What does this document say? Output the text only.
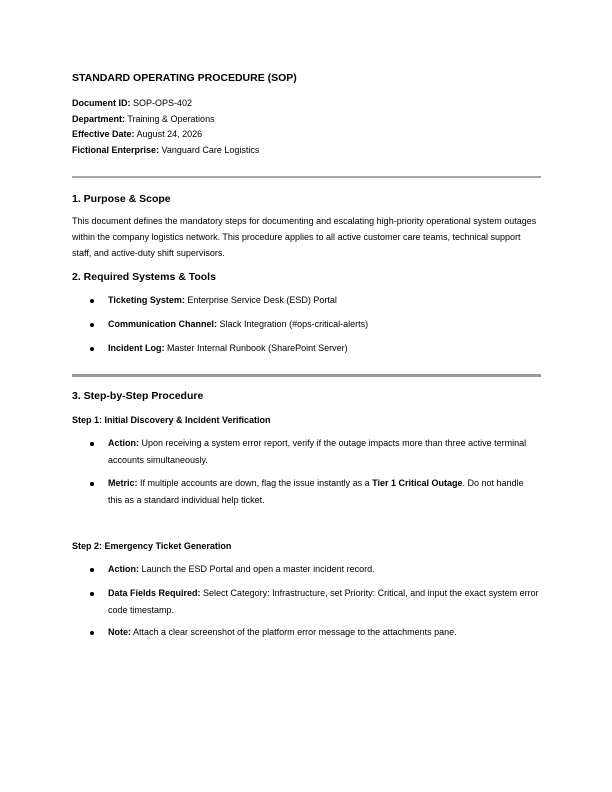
STANDARD OPERATING PROCEDURE (SOP)
Document ID: SOP-OPS-402
Department: Training & Operations
Effective Date: August 24, 2026
Fictional Enterprise: Vanguard Care Logistics
1. Purpose & Scope
This document defines the mandatory steps for documenting and escalating high-priority operational system outages within the company logistics network. This procedure applies to all active customer care teams, technical support staff, and active-duty shift supervisors.
2. Required Systems & Tools
Ticketing System: Enterprise Service Desk (ESD) Portal
Communication Channel: Slack Integration (#ops-critical-alerts)
Incident Log: Master Internal Runbook (SharePoint Server)
3. Step-by-Step Procedure
Step 1: Initial Discovery & Incident Verification
Action: Upon receiving a system error report, verify if the outage impacts more than three active terminal accounts simultaneously.
Metric: If multiple accounts are down, flag the issue instantly as a Tier 1 Critical Outage. Do not handle this as a standard individual help ticket.
Step 2: Emergency Ticket Generation
Action: Launch the ESD Portal and open a master incident record.
Data Fields Required: Select Category: Infrastructure, set Priority: Critical, and input the exact system error code timestamp.
Note: Attach a clear screenshot of the platform error message to the attachments pane.
